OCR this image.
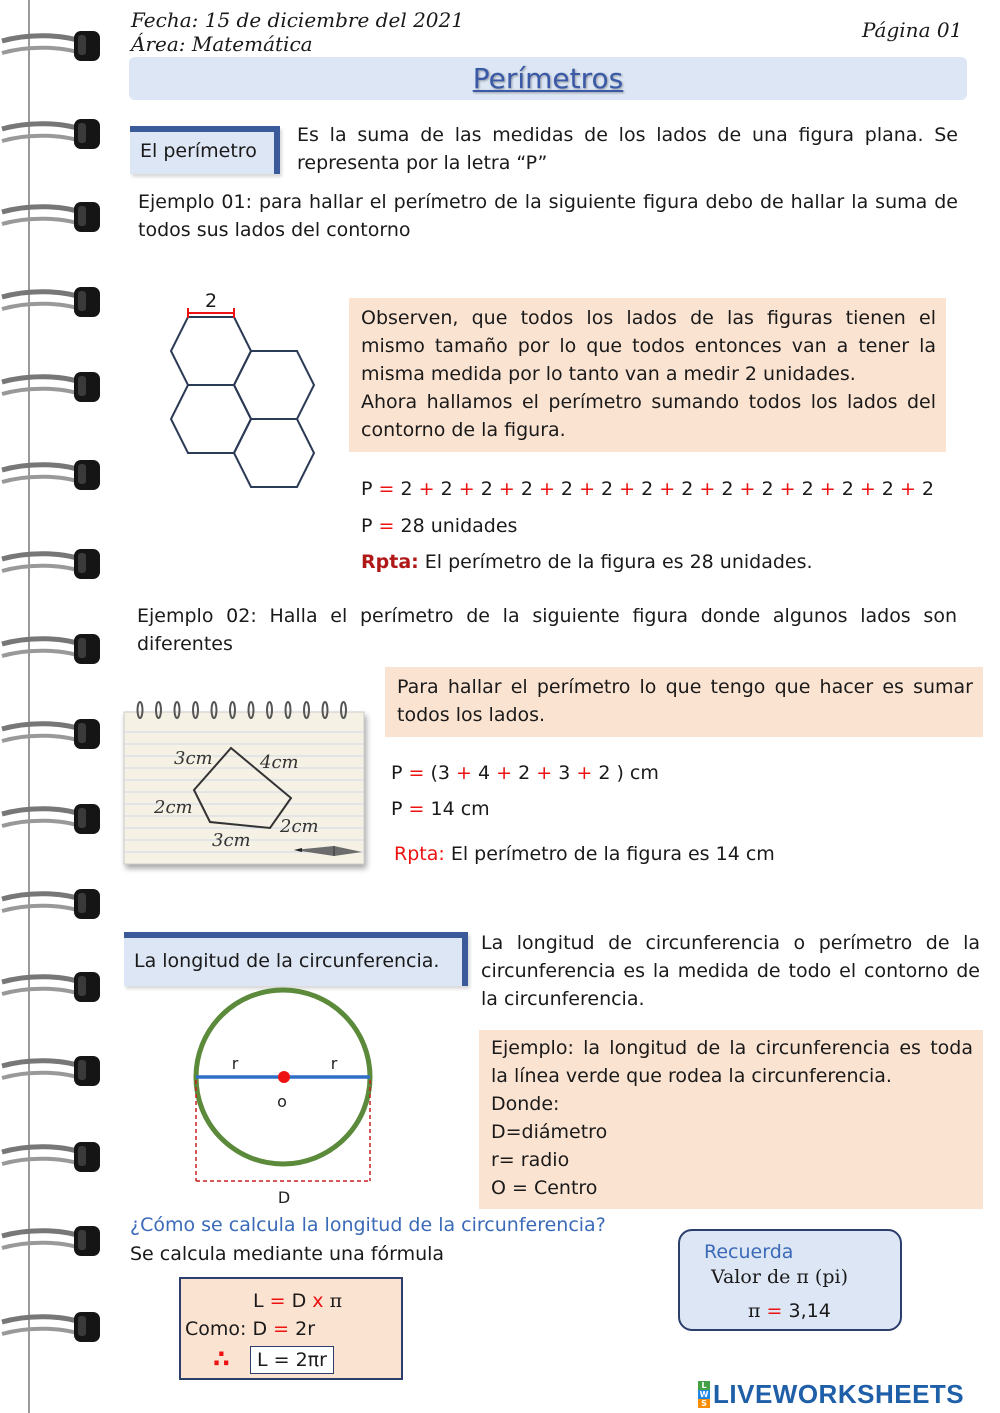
Fecha: 15 de diciembre del 2021
Área: Matemática
Página 01
Perímetros
El perímetro
Es la suma de las medidas de los lados de una figura plana. Se representa por la letra “P”
Ejemplo 01: para hallar el perímetro de la siguiente figura debo de hallar la suma de todos sus lados del contorno
2
Observen, que todos los lados de las figuras tienen el mismo tamaño por lo que todos entonces van a tener la misma medida por lo tanto van a medir 2 unidades.
Ahora hallamos el perímetro sumando todos los lados del contorno de la figura.
P = 2 + 2 + 2 + 2 + 2 + 2 + 2 + 2 + 2 + 2 + 2 + 2 + 2 + 2
P = 28 unidades
Rpta: El perímetro de la figura es 28 unidades.
Ejemplo 02: Halla el perímetro de la siguiente figura donde algunos lados son diferentes
Para hallar el perímetro lo que tengo que hacer es sumar todos los lados.
3cm	4cm
2cm
3cm
2cm
P = (3 + 4 + 2 + 3 + 2 ) cm
P = 14 cm
Rpta: El perímetro de la figura es 14 cm
La longitud de la circunferencia.
La longitud de circunferencia o perímetro de la circunferencia es la medida de todo el contorno de la circunferencia.
Ejemplo: la longitud de la circunferencia es toda la línea verde que rodea la circunferencia.
Donde:
D=diámetro
r= radio
O = Centro
r	r
o
D
¿Cómo se calcula la longitud de la circunferencia?
Se calcula mediante una fórmula
L = D x π
Como: D = 2r
∴	L = 2πr
Recuerda
Valor de π (pi)
π = 3,14
L
W
S LIVEWORKSHEETS
